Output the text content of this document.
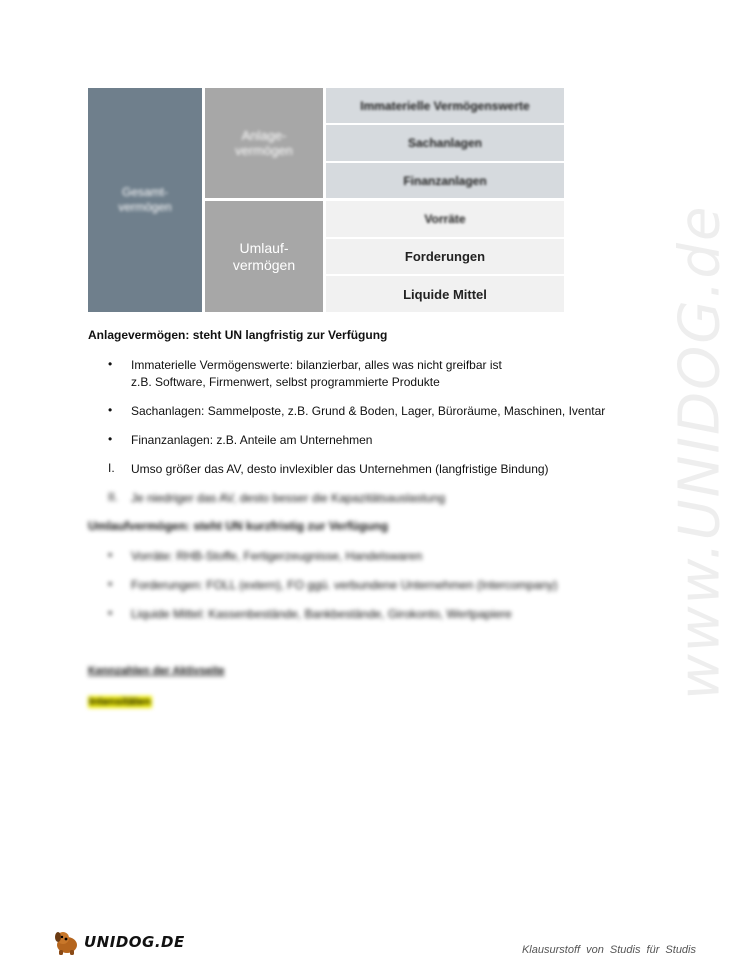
Gesamt-
vermögen
Anlage-
vermögen
Umlauf-
vermögen
Immaterielle Vermögenswerte
Sachanlagen
Finanzanlagen
Vorräte
Forderungen
Liquide Mittel
Anlagevermögen: steht UN langfristig zur Verfügung
• Immaterielle Vermögenswerte: bilanzierbar, alles was nicht greifbar ist
z.B. Software, Firmenwert, selbst programmierte Produkte
• Sachanlagen: Sammelposte, z.B. Grund & Boden, Lager, Büroräume, Maschinen, Iventar
• Finanzanlagen: z.B. Anteile am Unternehmen
I. Umso größer das AV, desto invlexibler das Unternehmen (langfristige Bindung)
II. Je niedriger das AV, desto besser die Kapazitätsauslastung
Umlaufvermögen: steht UN kurzfristig zur Verfügung
• Vorräte: RHB-Stoffe, Fertigerzeugnisse, Handelswaren
• Forderungen: FOLL (extern), FO ggü. verbundene Unternehmen (Intercompany)
• Liquide Mittel: Kassenbestände, Bankbestände, Girokonto, Wertpapiere
Kennzahlen der Aktivseite
Intensitäten
www.UNIDOG.de
UNIDOG.DE	Klausurstoff von Studis für Studis
